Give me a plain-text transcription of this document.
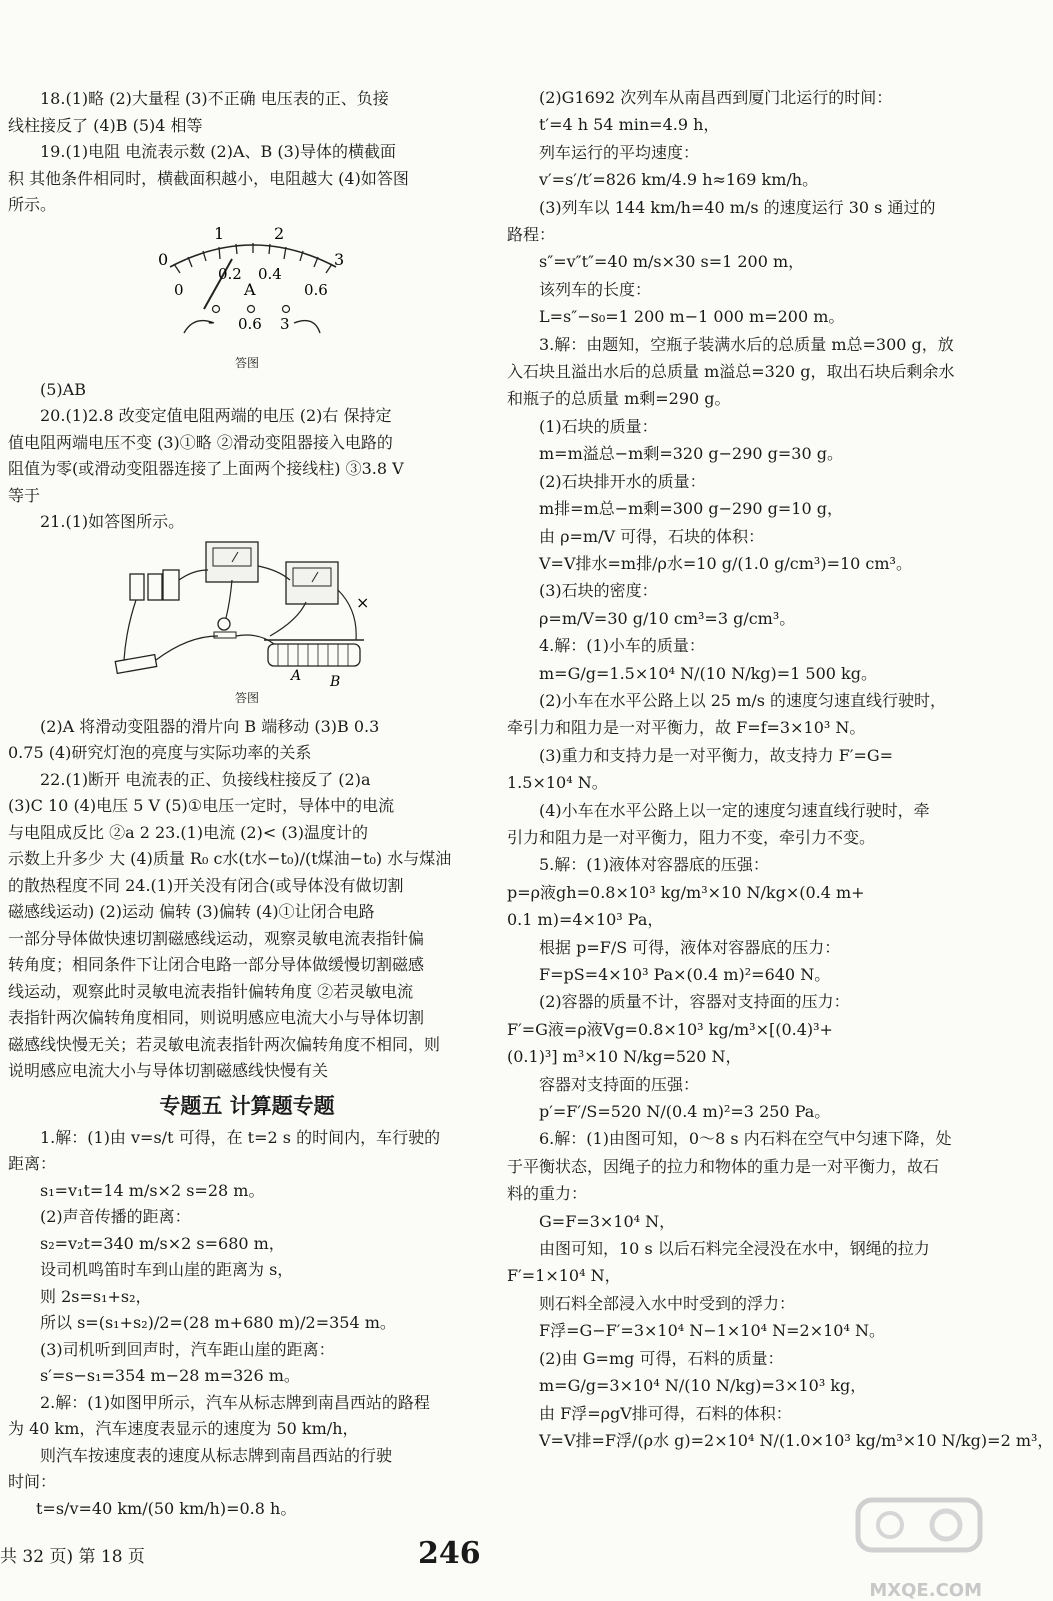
18.(1)略 (2)大量程 (3)不正确 电压表的正、负接
线柱接反了 (4)B (5)4 相等
19.(1)电阻 电流表示数 (2)A、B (3)导体的横截面
积 其他条件相同时，横截面积越小，电阻越大 (4)如答图
所示。
0
1	2
3
0.2 0.4
0.6
0	A
- 0.6 3
答图
(5)AB
20.(1)2.8 改变定值电阻两端的电压 (2)右 保持定
值电阻两端电压不变 (3)①略 ②滑动变阻器接入电路的
阻值为零(或滑动变阻器连接了上面两个接线柱) ③3.8 V
等于
21.(1)如答图所示。
×
A B
答图
(2)A 将滑动变阻器的滑片向 B 端移动 (3)B 0.3
0.75 (4)研究灯泡的亮度与实际功率的关系
22.(1)断开 电流表的正、负接线柱接反了 (2)a
(3)C 10 (4)电压 5 V (5)①电压一定时，导体中的电流
与电阻成反比 ②a 2 23.(1)电流 (2)< (3)温度计的
示数上升多少 大 (4)质量 R₀ c水(t水−t₀)/(t煤油−t₀) 水与煤油
的散热程度不同 24.(1)开关没有闭合(或导体没有做切割
磁感线运动) (2)运动 偏转 (3)偏转 (4)①让闭合电路
一部分导体做快速切割磁感线运动，观察灵敏电流表指针偏
转角度；相同条件下让闭合电路一部分导体做缓慢切割磁感
线运动，观察此时灵敏电流表指针偏转角度 ②若灵敏电流
表指针两次偏转角度相同，则说明感应电流大小与导体切割
磁感线快慢无关；若灵敏电流表指针两次偏转角度不相同，则
说明感应电流大小与导体切割磁感线快慢有关
专题五 计算题专题
1.解：(1)由 v=s/t 可得，在 t=2 s 的时间内，车行驶的
距离：
s₁=v₁t=14 m/s×2 s=28 m。
(2)声音传播的距离：
s₂=v₂t=340 m/s×2 s=680 m，
设司机鸣笛时车到山崖的距离为 s，
则 2s=s₁+s₂，
所以 s=(s₁+s₂)/2=(28 m+680 m)/2=354 m。
(3)司机听到回声时，汽车距山崖的距离：
s′=s−s₁=354 m−28 m=326 m。
2.解：(1)如图甲所示，汽车从标志牌到南昌西站的路程
为 40 km，汽车速度表显示的速度为 50 km/h，
则汽车按速度表的速度从标志牌到南昌西站的行驶
时间：
t=s/v=40 km/(50 km/h)=0.8 h。
(2)G1692 次列车从南昌西到厦门北运行的时间：
t′=4 h 54 min=4.9 h，
列车运行的平均速度：
v′=s′/t′=826 km/4.9 h≈169 km/h。
(3)列车以 144 km/h=40 m/s 的速度运行 30 s 通过的
路程：
s″=v″t″=40 m/s×30 s=1 200 m，
该列车的长度：
L=s″−s₀=1 200 m−1 000 m=200 m。
3.解：由题知，空瓶子装满水后的总质量 m总=300 g，放
入石块且溢出水后的总质量 m溢总=320 g，取出石块后剩余水
和瓶子的总质量 m剩=290 g。
(1)石块的质量：
m=m溢总−m剩=320 g−290 g=30 g。
(2)石块排开水的质量：
m排=m总−m剩=300 g−290 g=10 g，
由 ρ=m/V 可得，石块的体积：
V=V排水=m排/ρ水=10 g/(1.0 g/cm³)=10 cm³。
(3)石块的密度：
ρ=m/V=30 g/10 cm³=3 g/cm³。
4.解：(1)小车的质量：
m=G/g=1.5×10⁴ N/(10 N/kg)=1 500 kg。
(2)小车在水平公路上以 25 m/s 的速度匀速直线行驶时，
牵引力和阻力是一对平衡力，故 F=f=3×10³ N。
(3)重力和支持力是一对平衡力，故支持力 F′=G=
1.5×10⁴ N。
(4)小车在水平公路上以一定的速度匀速直线行驶时，牵
引力和阻力是一对平衡力，阻力不变，牵引力不变。
5.解：(1)液体对容器底的压强：
p=ρ液gh=0.8×10³ kg/m³×10 N/kg×(0.4 m+
0.1 m)=4×10³ Pa，
根据 p=F/S 可得，液体对容器底的压力：
F=pS=4×10³ Pa×(0.4 m)²=640 N。
(2)容器的质量不计，容器对支持面的压力：
F′=G液=ρ液Vg=0.8×10³ kg/m³×[(0.4)³+
(0.1)³] m³×10 N/kg=520 N，
容器对支持面的压强：
p′=F′/S=520 N/(0.4 m)²=3 250 Pa。
6.解：(1)由图可知，0～8 s 内石料在空气中匀速下降，处
于平衡状态，因绳子的拉力和物体的重力是一对平衡力，故石
料的重力：
G=F=3×10⁴ N，
由图可知，10 s 以后石料完全浸没在水中，钢绳的拉力
F′=1×10⁴ N，
则石料全部浸入水中时受到的浮力：
F浮=G−F′=3×10⁴ N−1×10⁴ N=2×10⁴ N。
(2)由 G=mg 可得，石料的质量：
m=G/g=3×10⁴ N/(10 N/kg)=3×10³ kg，
由 F浮=ρgV排可得，石料的体积：
V=V排=F浮/(ρ水 g)=2×10⁴ N/(1.0×10³ kg/m³×10 N/kg)=2 m³，
共 32 页) 第 18 页	246
MXQE.COM
